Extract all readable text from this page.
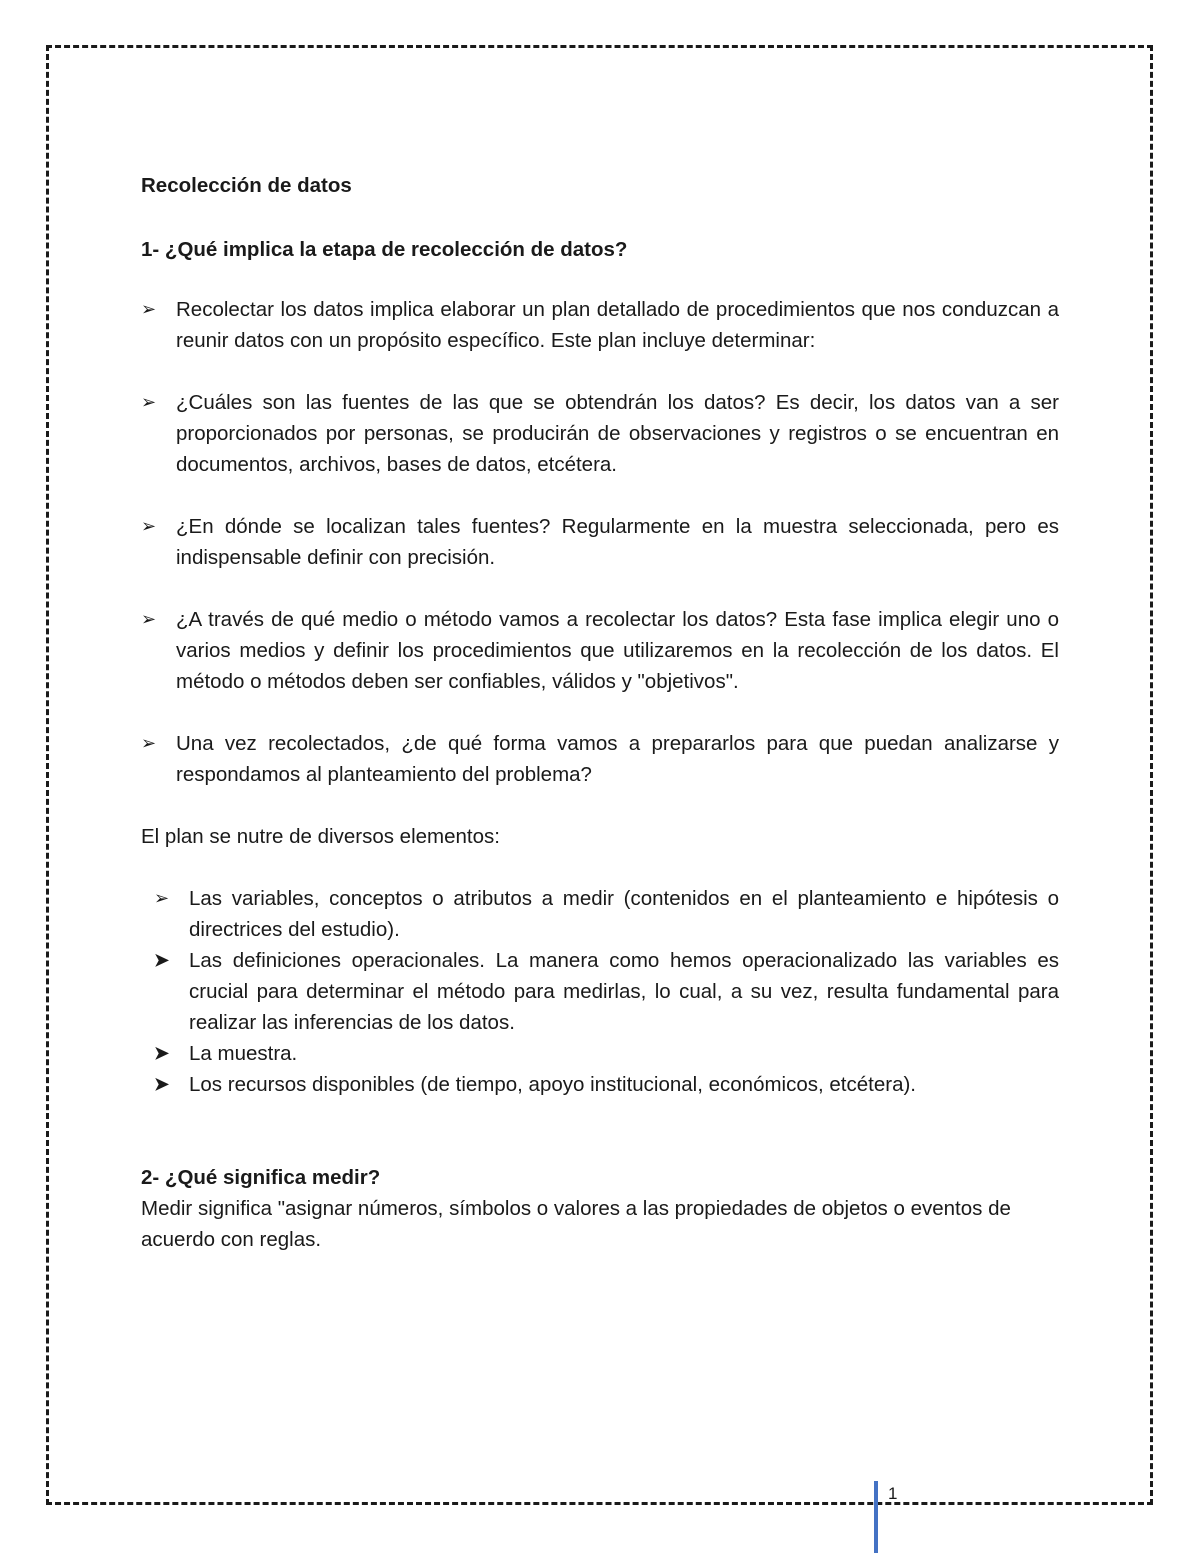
Recolección de datos

1- ¿Qué implica la etapa de recolección de datos?

➢ Recolectar los datos implica elaborar un plan detallado de procedimientos que nos conduzcan a reunir datos con un propósito específico. Este plan incluye determinar:

➢ ¿Cuáles son las fuentes de las que se obtendrán los datos? Es decir, los datos van a ser proporcionados por personas, se producirán de observaciones y registros o se encuentran en documentos, archivos, bases de datos, etcétera.

➢ ¿En dónde se localizan tales fuentes? Regularmente en la muestra seleccionada, pero es indispensable definir con precisión.

➢ ¿A través de qué medio o método vamos a recolectar los datos? Esta fase implica elegir uno o varios medios y definir los procedimientos que utilizaremos en la recolección de los datos. El método o métodos deben ser confiables, válidos y "objetivos".

➢ Una vez recolectados, ¿de qué forma vamos a prepararlos para que puedan analizarse y respondamos al planteamiento del problema?

El plan se nutre de diversos elementos:

➢ Las variables, conceptos o atributos a medir (contenidos en el planteamiento e hipótesis o directrices del estudio).

➤ Las definiciones operacionales. La manera como hemos operacionalizado las variables es crucial para determinar el método para medirlas, lo cual, a su vez, resulta fundamental para realizar las inferencias de los datos.

➤ La muestra.

➤ Los recursos disponibles (de tiempo, apoyo institucional, económicos, etcétera).

2- ¿Qué significa medir?

Medir significa "asignar números, símbolos o valores a las propiedades de objetos o eventos de acuerdo con reglas.

1
